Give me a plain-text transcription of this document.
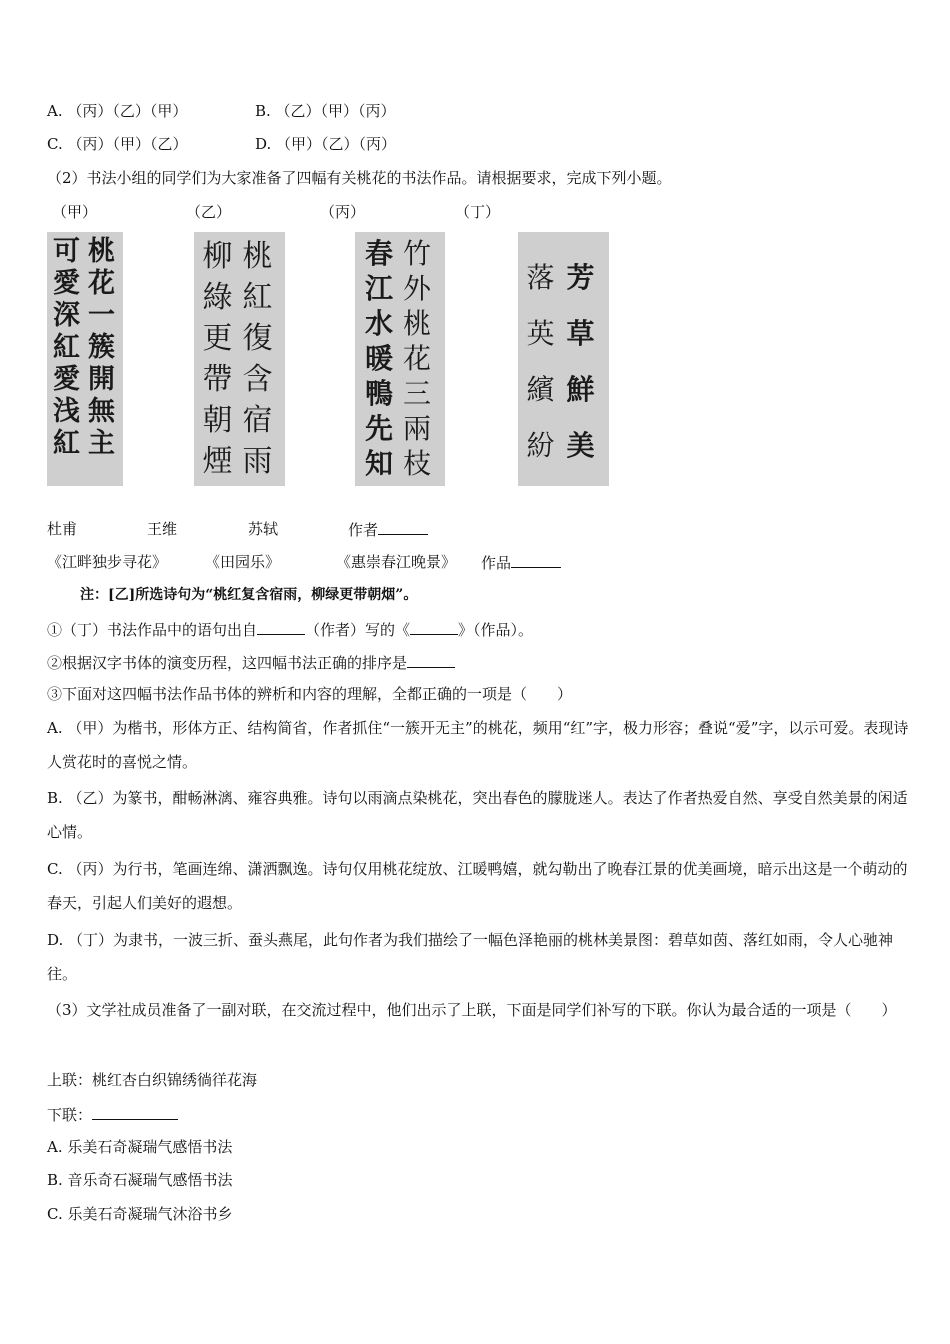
A. （丙）（乙）（甲）	B. （乙）（甲）（丙）
C. （丙）（甲）（乙）	D. （甲）（乙）（丙）
（2）书法小组的同学们为大家准备了四幅有关桃花的书法作品。请根据要求，完成下列小题。
（甲）	（乙）	（丙）	（丁）
桃花一簇開無主
可愛深紅愛浅紅
桃紅復含宿雨
柳綠更帶朝煙
竹外桃花三兩枝
春江水暖鴨先知
芳草鮮美
落英繽紛
杜甫	王维	苏轼	作者
《江畔独步寻花》	《田园乐》	《惠崇春江晚景》 作品
注：[乙]所选诗句为“桃红复含宿雨，柳绿更带朝烟”。
①（丁）书法作品中的语句出自	（作者）写的《	》（作品）。
②根据汉字书体的演变历程，这四幅书法正确的排序是
③下面对这四幅书法作品书体的辨析和内容的理解，全都正确的一项是（　　）
A. （甲）为楷书，形体方正、结构简省，作者抓住“一簇开无主”的桃花，频用“红”字，极力形容；叠说“爱”字，以示可爱。表现诗人赏花时的喜悦之情。
B. （乙）为篆书，酣畅淋漓、雍容典雅。诗句以雨滴点染桃花，突出春色的朦胧迷人。表达了作者热爱自然、享受自然美景的闲适心情。
C. （丙）为行书，笔画连绵、潇洒飘逸。诗句仅用桃花绽放、江暖鸭嬉，就勾勒出了晚春江景的优美画境，暗示出这是一个萌动的春天，引起人们美好的遐想。
D. （丁）为隶书，一波三折、蚕头燕尾，此句作者为我们描绘了一幅色泽艳丽的桃林美景图：碧草如茵、落红如雨，令人心驰神往。
（3）文学社成员准备了一副对联，在交流过程中，他们出示了上联，下面是同学们补写的下联。你认为最合适的一项是（　　）
上联：桃红杏白织锦绣徜徉花海
下联：
A. 乐美石奇凝瑞气感悟书法
B. 音乐奇石凝瑞气感悟书法
C. 乐美石奇凝瑞气沐浴书乡
